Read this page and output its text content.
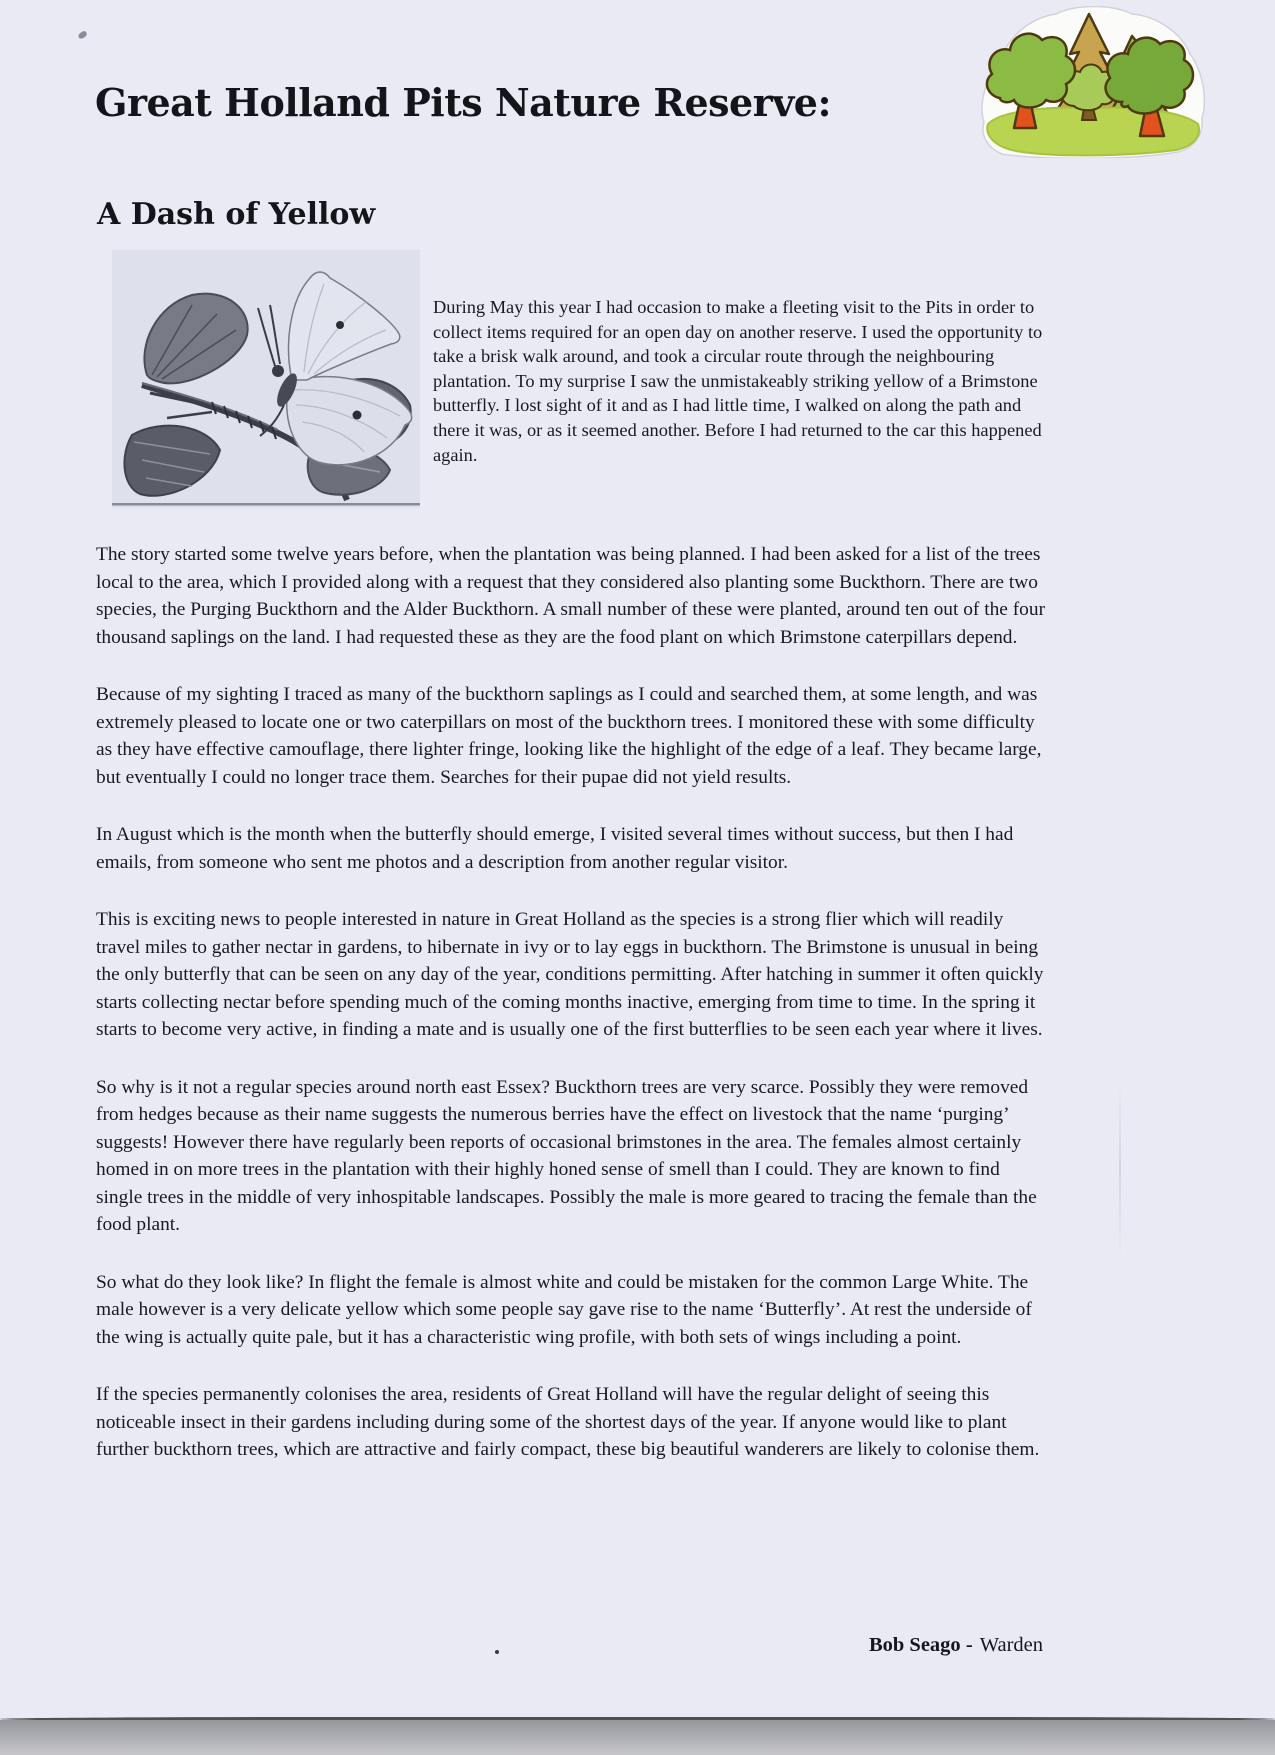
Great Holland Pits Nature Reserve:
A Dash of Yellow

During May this year I had occasion to make a fleeting visit to the Pits in order to collect items required for an open day on another reserve. I used the opportunity to take a brisk walk around, and took a circular route through the neighbouring plantation. To my surprise I saw the unmistakeably striking yellow of a Brimstone butterfly. I lost sight of it and as I had little time, I walked on along the path and there it was, or as it seemed another. Before I had returned to the car this happened again.

The story started some twelve years before, when the plantation was being planned. I had been asked for a list of the trees local to the area, which I provided along with a request that they considered also planting some Buckthorn. There are two species, the Purging Buckthorn and the Alder Buckthorn. A small number of these were planted, around ten out of the four thousand saplings on the land. I had requested these as they are the food plant on which Brimstone caterpillars depend.

Because of my sighting I traced as many of the buckthorn saplings as I could and searched them, at some length, and was extremely pleased to locate one or two caterpillars on most of the buckthorn trees. I monitored these with some difficulty as they have effective camouflage, there lighter fringe, looking like the highlight of the edge of a leaf. They became large, but eventually I could no longer trace them. Searches for their pupae did not yield results.

In August which is the month when the butterfly should emerge, I visited several times without success, but then I had emails, from someone who sent me photos and a description from another regular visitor.

This is exciting news to people interested in nature in Great Holland as the species is a strong flier which will readily travel miles to gather nectar in gardens, to hibernate in ivy or to lay eggs in buckthorn. The Brimstone is unusual in being the only butterfly that can be seen on any day of the year, conditions permitting. After hatching in summer it often quickly starts collecting nectar before spending much of the coming months inactive, emerging from time to time. In the spring it starts to become very active, in finding a mate and is usually one of the first butterflies to be seen each year where it lives.

So why is it not a regular species around north east Essex? Buckthorn trees are very scarce. Possibly they were removed from hedges because as their name suggests the numerous berries have the effect on livestock that the name ‘purging’ suggests! However there have regularly been reports of occasional brimstones in the area. The females almost certainly homed in on more trees in the plantation with their highly honed sense of smell than I could. They are known to find single trees in the middle of very inhospitable landscapes. Possibly the male is more geared to tracing the female than the food plant.

So what do they look like? In flight the female is almost white and could be mistaken for the common Large White. The male however is a very delicate yellow which some people say gave rise to the name ‘Butterfly’. At rest the underside of the wing is actually quite pale, but it has a characteristic wing profile, with both sets of wings including a point.

If the species permanently colonises the area, residents of Great Holland will have the regular delight of seeing this noticeable insect in their gardens including during some of the shortest days of the year. If anyone would like to plant further buckthorn trees, which are attractive and fairly compact, these big beautiful wanderers are likely to colonise them.

Bob Seago - Warden
